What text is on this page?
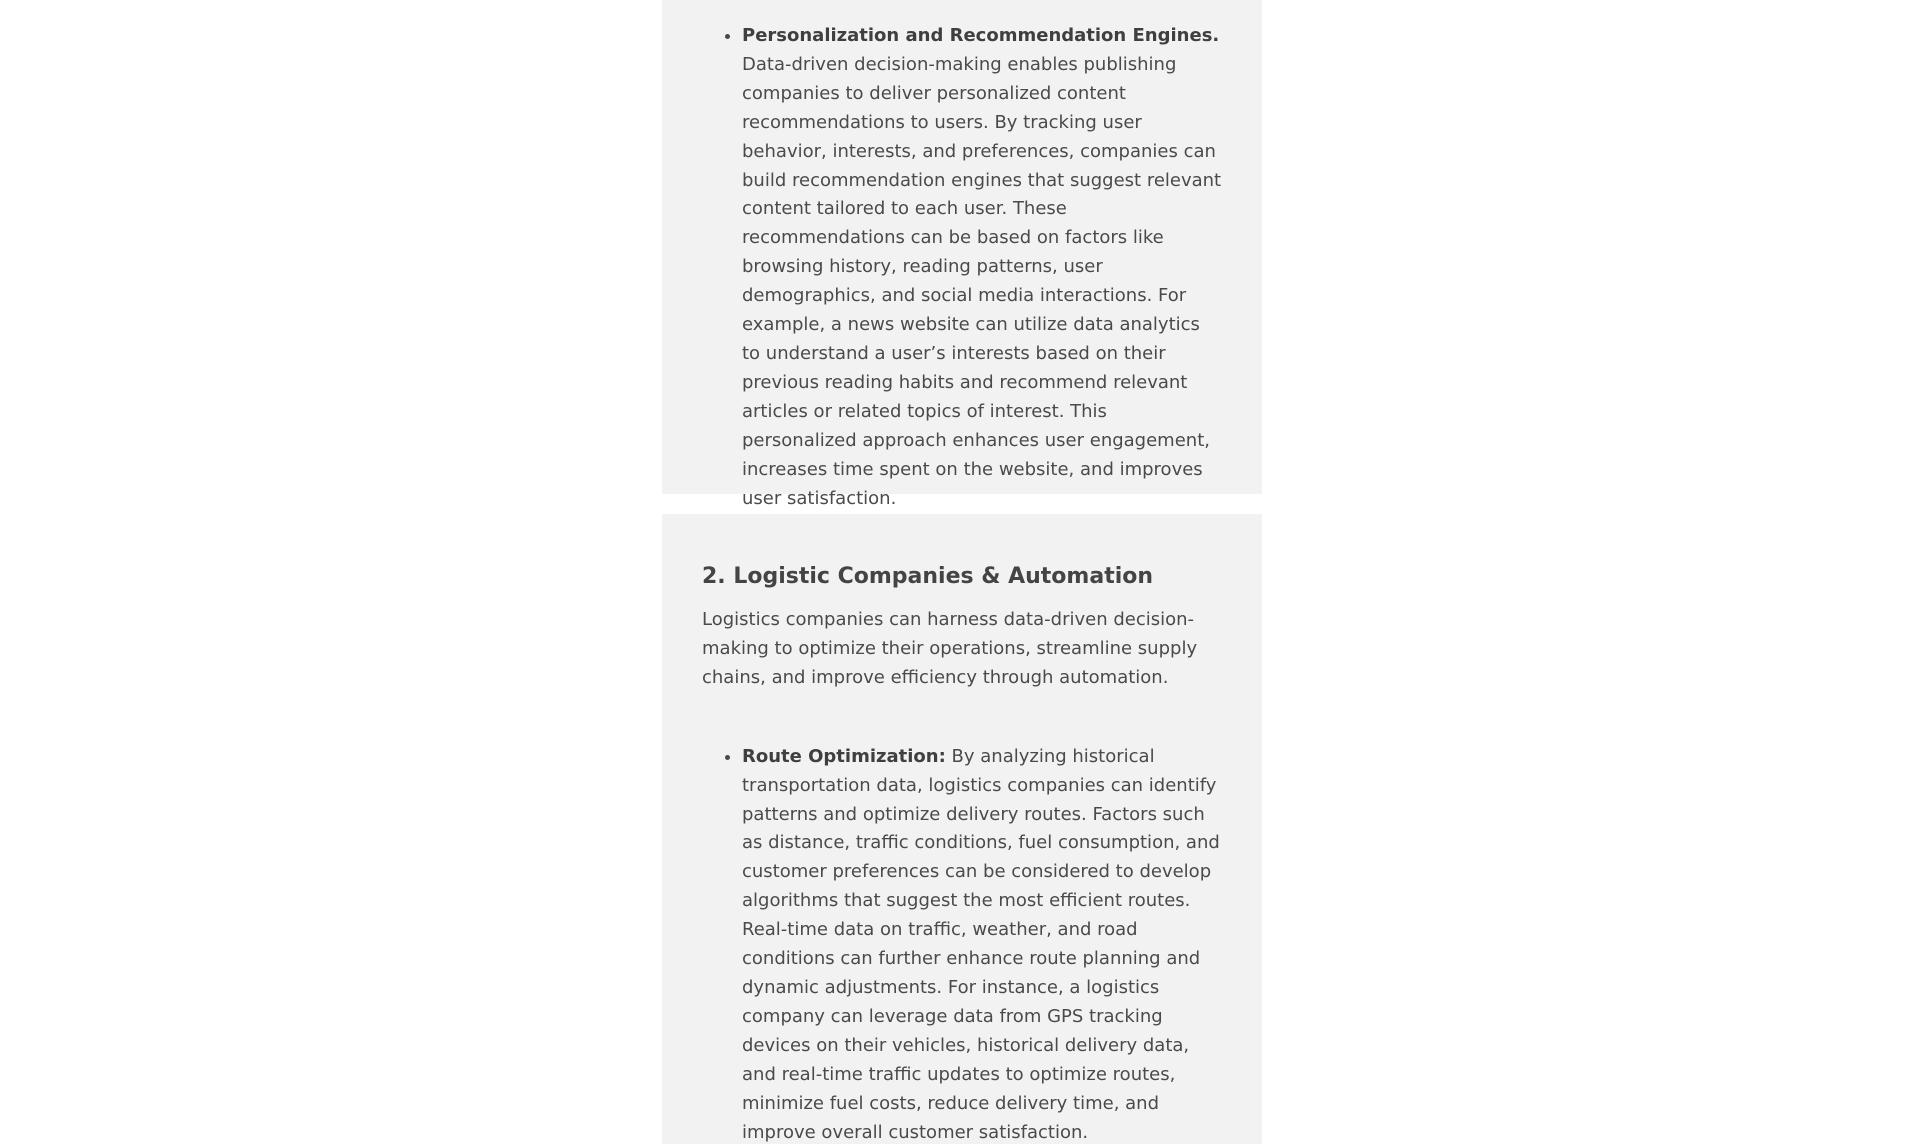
• Personalization and Recommendation Engines. Data-driven decision-making enables publishing companies to deliver personalized content recommendations to users. By tracking user behavior, interests, and preferences, companies can build recommendation engines that suggest relevant content tailored to each user. These recommendations can be based on factors like browsing history, reading patterns, user demographics, and social media interactions. For example, a news website can utilize data analytics to understand a user’s interests based on their previous reading habits and recommend relevant articles or related topics of interest. This personalized approach enhances user engagement, increases time spent on the website, and improves user satisfaction.
2. Logistic Companies & Automation

Logistics companies can harness data-driven decision-making to optimize their operations, streamline supply chains, and improve efficiency through automation.

• Route Optimization: By analyzing historical transportation data, logistics companies can identify patterns and optimize delivery routes. Factors such as distance, traffic conditions, fuel consumption, and customer preferences can be considered to develop algorithms that suggest the most efficient routes. Real-time data on traffic, weather, and road conditions can further enhance route planning and dynamic adjustments. For instance, a logistics company can leverage data from GPS tracking devices on their vehicles, historical delivery data, and real-time traffic updates to optimize routes, minimize fuel costs, reduce delivery time, and improve overall customer satisfaction.
